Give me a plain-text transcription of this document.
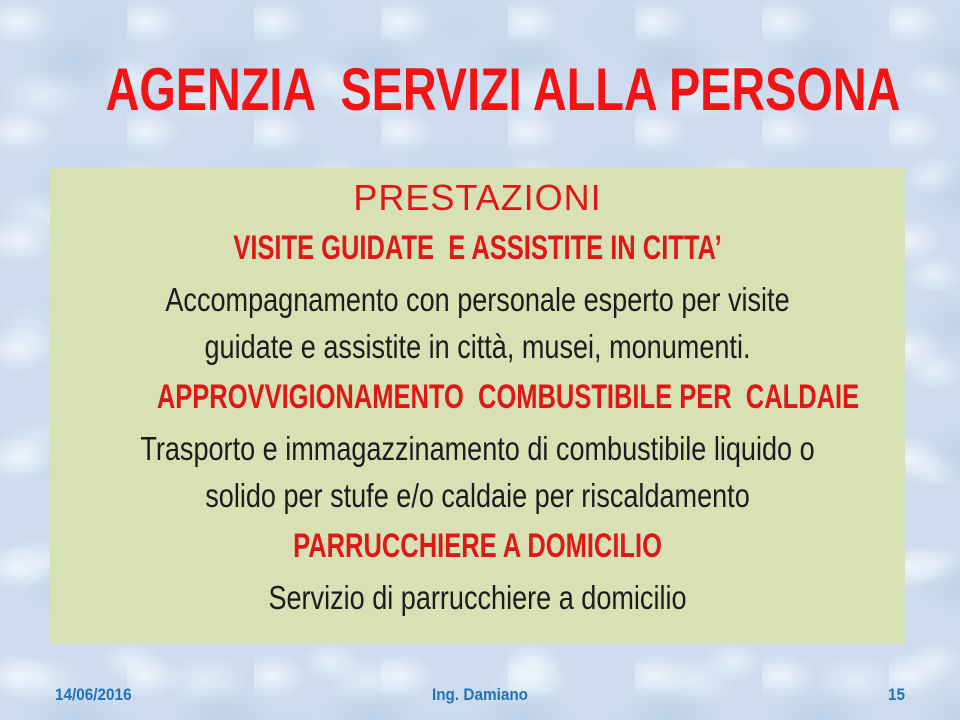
AGENZIA  SERVIZI ALLA PERSONA
PRESTAZIONI
VISITE GUIDATE  E ASSISTITE IN CITTA’
Accompagnamento con personale esperto per visite guidate e assistite in città, musei, monumenti.
APPROVVIGIONAMENTO  COMBUSTIBILE PER  CALDAIE
Trasporto e immagazzinamento di combustibile liquido o solido per stufe e/o caldaie per riscaldamento
PARRUCCHIERE A DOMICILIO
Servizio di parrucchiere a domicilio
14/06/2016	Ing. Damiano	15
